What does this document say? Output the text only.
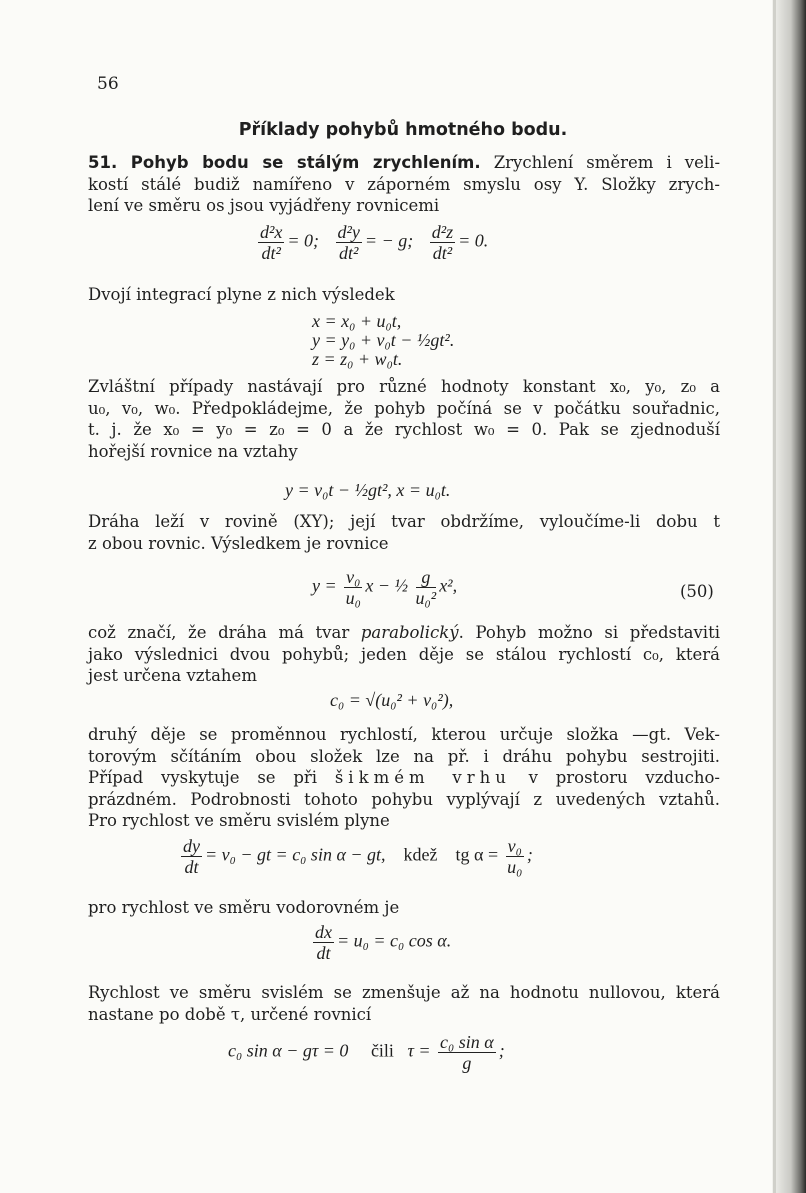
56
Příklady pohybů hmotného bodu.
51. Pohyb bodu se stálým zrychlením. Zrychlení směrem i veli-
kostí stálé budiž namířeno v záporném smyslu osy Y. Složky zrych-
lení ve směru os jsou vyjádřeny rovnicemi
$\frac{\text{d²x}}{\text{dt²}} = 0$; $\frac{\text{d²y}}{\text{dt²}}$ = − g; $\frac{\text{d²z}}{\text{dt²}} = 0$.
Dvojí integrací plyne z nich výsledek
x = x₀ + u₀t,
y = y₀ + v₀t − ½gt².
z = z₀ + w₀t.
Zvláštní případy nastávají pro různé hodnoty konstant x₀, y₀, z₀ a
u₀, v₀, w₀. Předpokládejme, že pohyb počíná se v počátku souřadnic,
t. j. že x₀ = y₀ = z₀ = 0 a že rychlost w₀ = 0. Pak se zjednoduší
hořejší rovnice na vztahy
y = v₀t − ½gt², x = u₀t.
Dráha leží v rovině (XY); její tvar obdržíme, vyloučíme-li dobu t
z obou rovnic. Výsledkem je rovnice
$y = \frac{\text{v₀}}{\text{u₀}}$ x − ½ $\frac{g}{\text{u₀²}} x^2$,	(50)
což značí, že dráha má tvar parabolický. Pohyb možno si představiti
jako výslednici dvou pohybů; jeden děje se stálou rychlostí c₀, která
jest určena vztahem
c₀ = √(u₀² + v₀²),
druhý děje se proměnnou rychlostí, kterou určuje složka —gt. Vek-
torovým sčítáním obou složek lze na př. i dráhu pohybu sestrojiti.
Případ vyskytuje se při šikmém vrhu v prostoru vzducho-
prázdném. Podrobnosti tohoto pohybu vyplývají z uvedených vztahů.
Pro rychlost ve směru svislém plyne
$\frac{dy}{dt} = v_0$ − gt = c₀ sin α − gt, kdež tg $\alpha = \frac{\text{v₀}}{\text{u₀}}$ ;
pro rychlost ve směru vodorovném je
$\frac{dx}{dt} = u_0 = c_0$ cos α.
Rychlost ve směru svislém se zmenšuje až na hodnotu nullovou, která
nastane po době τ, určené rovnicí
c₀ sin α − gτ = 0 čili $\tau = \frac{\text{c₀ sin α}}{g}$ ;
